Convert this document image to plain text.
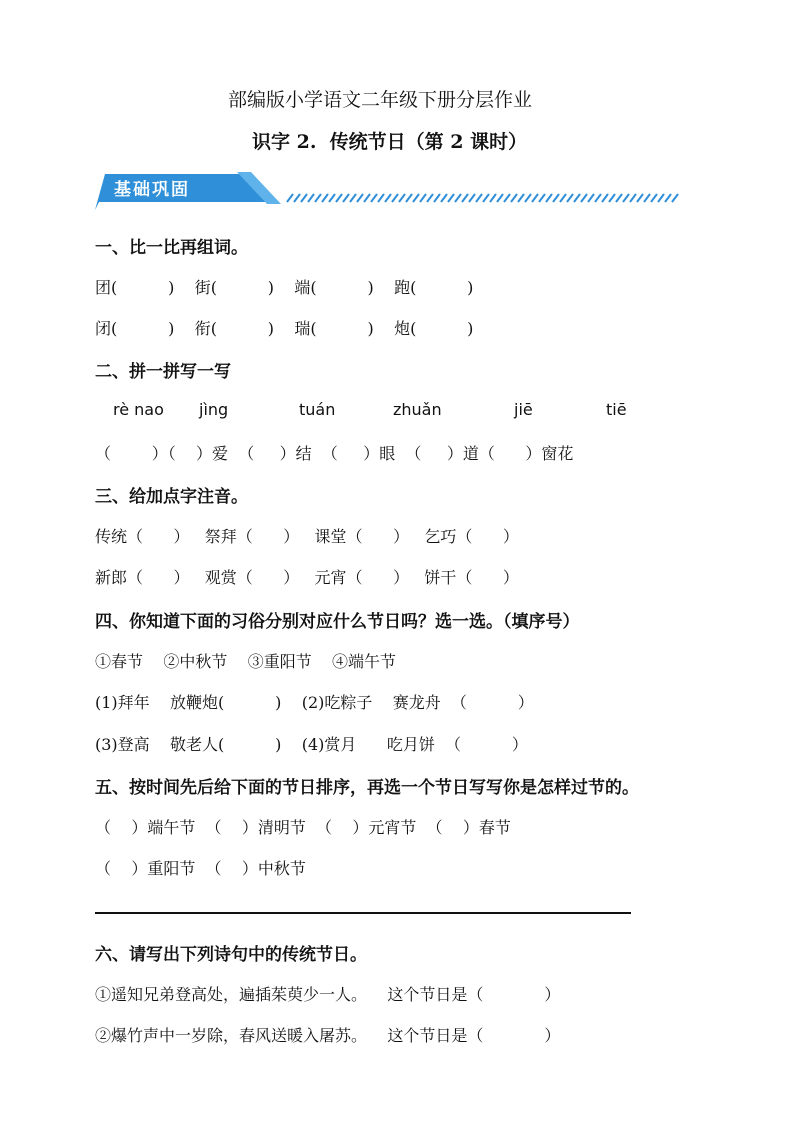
部编版小学语文二年级下册分层作业
识字 2.  传统节日（第 2 课时）
基础巩固
一、比一比再组词。
团(          )    街(          )    端(          )    跑(          )
闭(          )    衔(          )    瑞(          )    炮(          )
二、拼一拼写一写
rè nao jìng	tuán	zhuǎn	jiē	tiē
（        ）（    ）爱  （     ）结  （     ）眼  （     ）道（      ）窗花
三、给加点字注音。
传统（      ）   祭拜（      ）   课堂（      ）   乞巧（      ）
新郎（      ）   观赏（      ）   元宵（      ）   饼干（      ）
四、你知道下面的习俗分别对应什么节日吗？选一选。（填序号）
①春节    ②中秋节    ③重阳节    ④端午节
(1)拜年    放鞭炮(          )    (2)吃粽子    赛龙舟  （          ）
(3)登高    敬老人(          )    (4)赏月      吃月饼  （          ）
五、按时间先后给下面的节日排序，再选一个节日写写你是怎样过节的。
（    ）端午节  （    ）清明节  （    ）元宵节  （    ）春节
（    ）重阳节  （    ）中秋节
六、请写出下列诗句中的传统节日。
①遥知兄弟登高处，遍插茱萸少一人。    这个节日是（            ）
②爆竹声中一岁除，春风送暖入屠苏。    这个节日是（            ）
